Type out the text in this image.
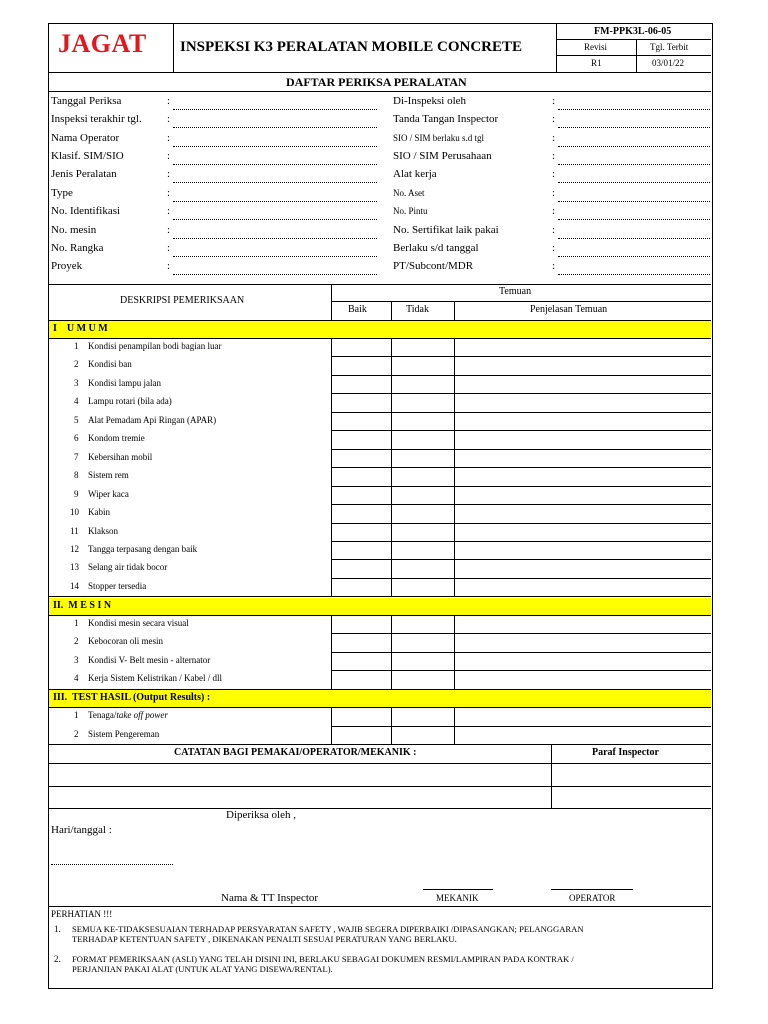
JAGAT INSPEKSI K3 PERALATAN MOBILE CONCRETE
FM-PPK3L-06-05
Revisi	Tgl. Terbit
R1	03/01/22
DAFTAR PERIKSA PERALATAN
Tanggal Periksa	:	Di-Inspeksi oleh	:
Inspeksi terakhir tgl. :	Tanda Tangan Inspector	:
Nama Operator	:	SIO / SIM berlaku s.d tgl	:
Klasif. SIM/SIO	:	SIO / SIM Perusahaan	:
Jenis Peralatan	:	Alat kerja	:
Type	:	No. Aset	:
No. Identifikasi	:	No. Pintu	:
No. mesin	:	No. Sertifikat laik pakai	:
No. Rangka	:	Berlaku s/d tanggal	:
Proyek	:	PT/Subcont/MDR	:
DESKRIPSI PEMERIKSAAN
Temuan
Baik	Tidak	Penjelasan Temuan
I    U M U M
1 Kondisi penampilan bodi bagian luar
2 Kondisi ban
3 Kondisi lampu jalan
4 Lampu rotari (bila ada)
5 Alat Pemadam Api Ringan (APAR)
6 Kondom tremie
7 Kebersihan mobil
8 Sistem rem
9 Wiper kaca
10 Kabin
11 Klakson
12 Tangga terpasang dengan baik
13 Selang air tidak bocor
14 Stopper tersedia
II.  M E S I N
1 Kondisi mesin secara visual
2 Kebocoran oli mesin
3 Kondisi V- Belt mesin - alternator
4 Kerja Sistem Kelistrikan / Kabel / dll
III.  TEST HASIL (Output Results) :
1 Tenaga/take off power
2 Sistem Pengereman
CATATAN BAGI PEMAKAI/OPERATOR/MEKANIK :	Paraf Inspector
Diperiksa oleh ,
Hari/tanggal :
Nama & TT Inspector	MEKANIK	OPERATOR
PERHATIAN !!!
1. SEMUA KE-TIDAKSESUAIAN TERHADAP PERSYARATAN SAFETY , WAJIB SEGERA DIPERBAIKI /DIPASANGKAN; PELANGGARAN
TERHADAP KETENTUAN SAFETY , DIKENAKAN PENALTI SESUAI PERATURAN YANG BERLAKU.
2. FORMAT PEMERIKSAAN (ASLI) YANG TELAH DISINI INI, BERLAKU SEBAGAI DOKUMEN RESMI/LAMPIRAN PADA KONTRAK /
PERJANJIAN PAKAI ALAT (UNTUK ALAT YANG DISEWA/RENTAL).
